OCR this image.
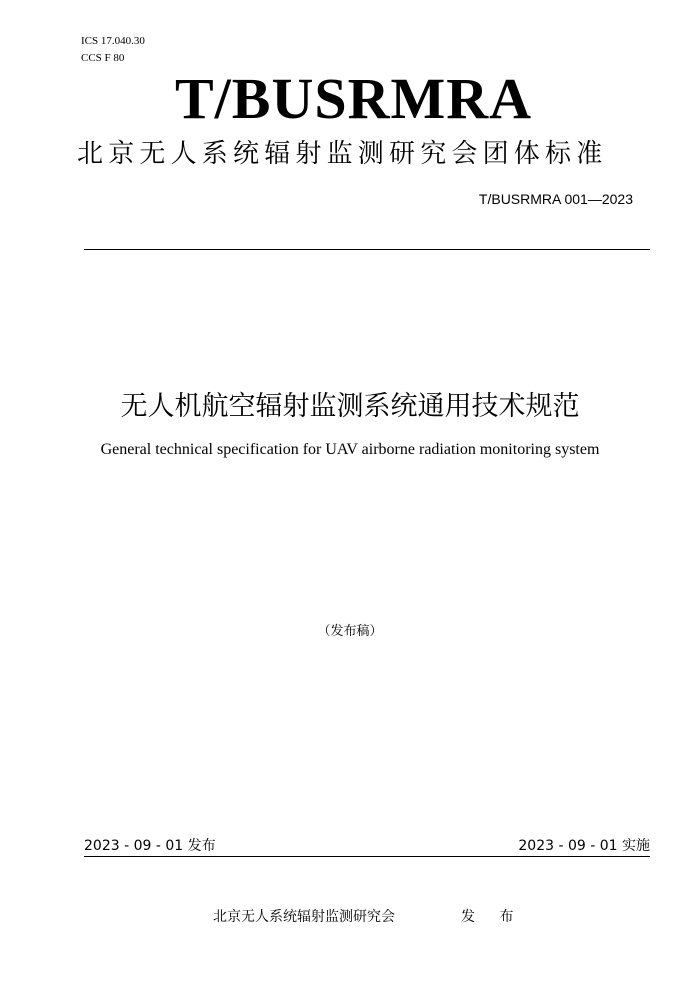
ICS 17.040.30
CCS F 80
T/BUSRMRA
北京无人系统辐射监测研究会团体标准
T/BUSRMRA 001—2023
无人机航空辐射监测系统通用技术规范
General technical specification for UAV airborne radiation monitoring system
（发布稿）
2023 - 09 - 01 发布	2023 - 09 - 01 实施
北京无人系统辐射监测研究会	发 布
